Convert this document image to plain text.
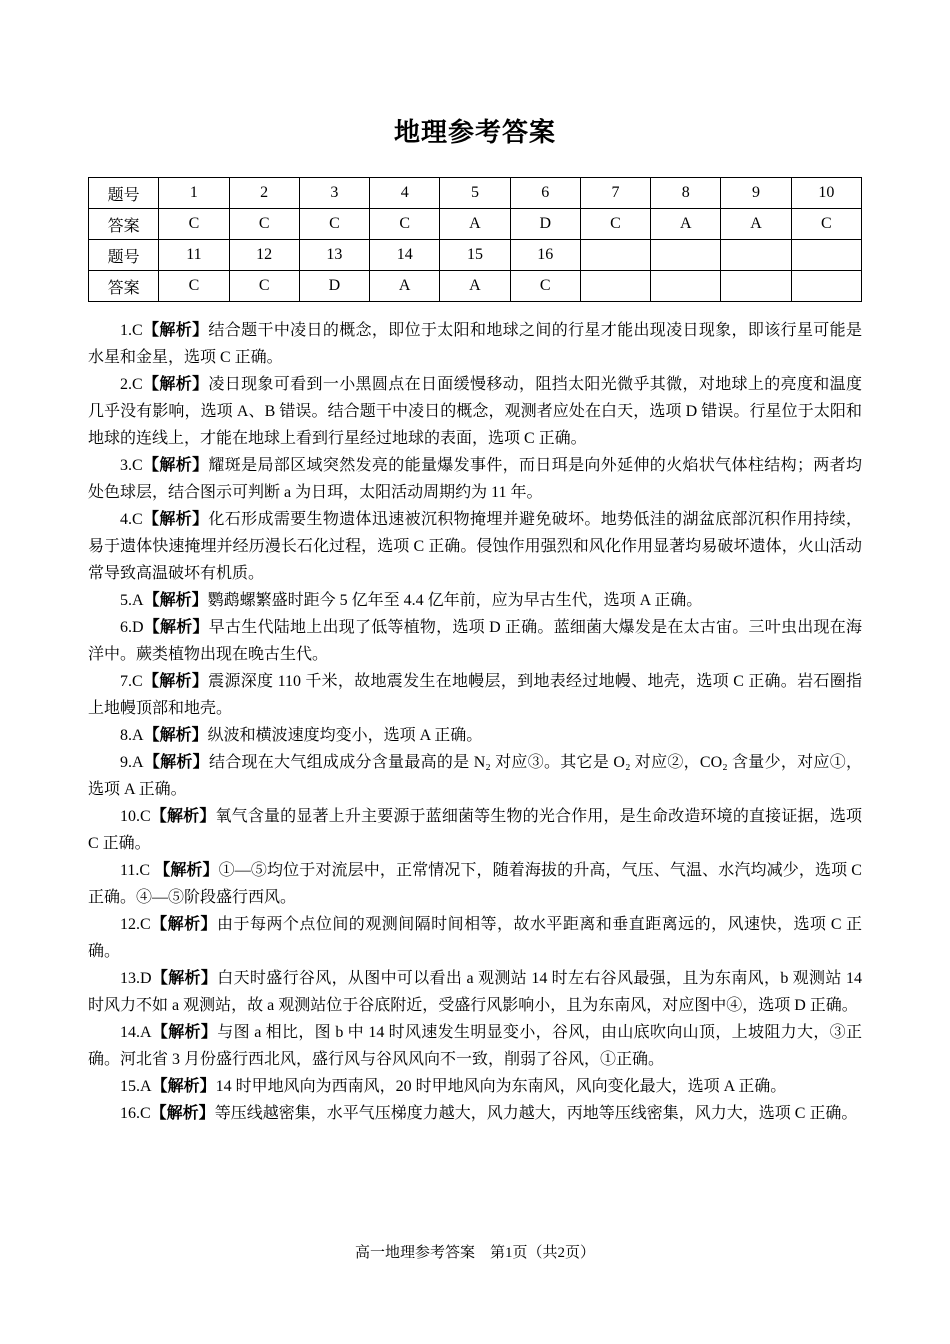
地理参考答案
题号	1	2	3	4	5	6	7	8	9	10
答案	C	C	C	C	A	D	C	A	A	C
题号	11	12	13	14	15	16				
答案	C	C	D	A	A	C				

1.C【解析】结合题干中凌日的概念，即位于太阳和地球之间的行星才能出现凌日现象，即该行星可能是水星和金星，选项 C 正确。

2.C【解析】凌日现象可看到一小黑圆点在日面缓慢移动，阻挡太阳光微乎其微，对地球上的亮度和温度几乎没有影响，选项 A、B 错误。结合题干中凌日的概念，观测者应处在白天，选项 D 错误。行星位于太阳和地球的连线上，才能在地球上看到行星经过地球的表面，选项 C 正确。

3.C【解析】耀斑是局部区域突然发亮的能量爆发事件，而日珥是向外延伸的火焰状气体柱结构；两者均处色球层，结合图示可判断 a 为日珥，太阳活动周期约为 11 年。

4.C【解析】化石形成需要生物遗体迅速被沉积物掩埋并避免破坏。地势低洼的湖盆底部沉积作用持续，易于遗体快速掩埋并经历漫长石化过程，选项 C 正确。侵蚀作用强烈和风化作用显著均易破坏遗体，火山活动常导致高温破坏有机质。

5.A【解析】鹦鹉螺繁盛时距今 5 亿年至 4.4 亿年前，应为早古生代，选项 A 正确。

6.D【解析】早古生代陆地上出现了低等植物，选项 D 正确。蓝细菌大爆发是在太古宙。三叶虫出现在海洋中。蕨类植物出现在晚古生代。

7.C【解析】震源深度 110 千米，故地震发生在地幔层，到地表经过地幔、地壳，选项 C 正确。岩石圈指上地幔顶部和地壳。

8.A【解析】纵波和横波速度均变小，选项 A 正确。

9.A【解析】结合现在大气组成成分含量最高的是 N₂ 对应③。其它是 O₂ 对应②，CO₂ 含量少，对应①，选项 A 正确。

10.C【解析】氧气含量的显著上升主要源于蓝细菌等生物的光合作用，是生命改造环境的直接证据，选项 C 正确。

11.C 【解析】①—⑤均位于对流层中，正常情况下，随着海拔的升高，气压、气温、水汽均减少，选项 C 正确。④—⑤阶段盛行西风。

12.C【解析】由于每两个点位间的观测间隔时间相等，故水平距离和垂直距离远的，风速快，选项 C 正确。

13.D【解析】白天时盛行谷风，从图中可以看出 a 观测站 14 时左右谷风最强，且为东南风，b 观测站 14 时风力不如 a 观测站，故 a 观测站位于谷底附近，受盛行风影响小，且为东南风，对应图中④，选项 D 正确。

14.A【解析】与图 a 相比，图 b 中 14 时风速发生明显变小，谷风，由山底吹向山顶，上坡阻力大，③正确。河北省 3 月份盛行西北风，盛行风与谷风风向不一致，削弱了谷风，①正确。

15.A【解析】14 时甲地风向为西南风，20 时甲地风向为东南风，风向变化最大，选项 A 正确。

16.C【解析】等压线越密集，水平气压梯度力越大，风力越大，丙地等压线密集，风力大，选项 C 正确。

高一地理参考答案　第1页（共2页）
